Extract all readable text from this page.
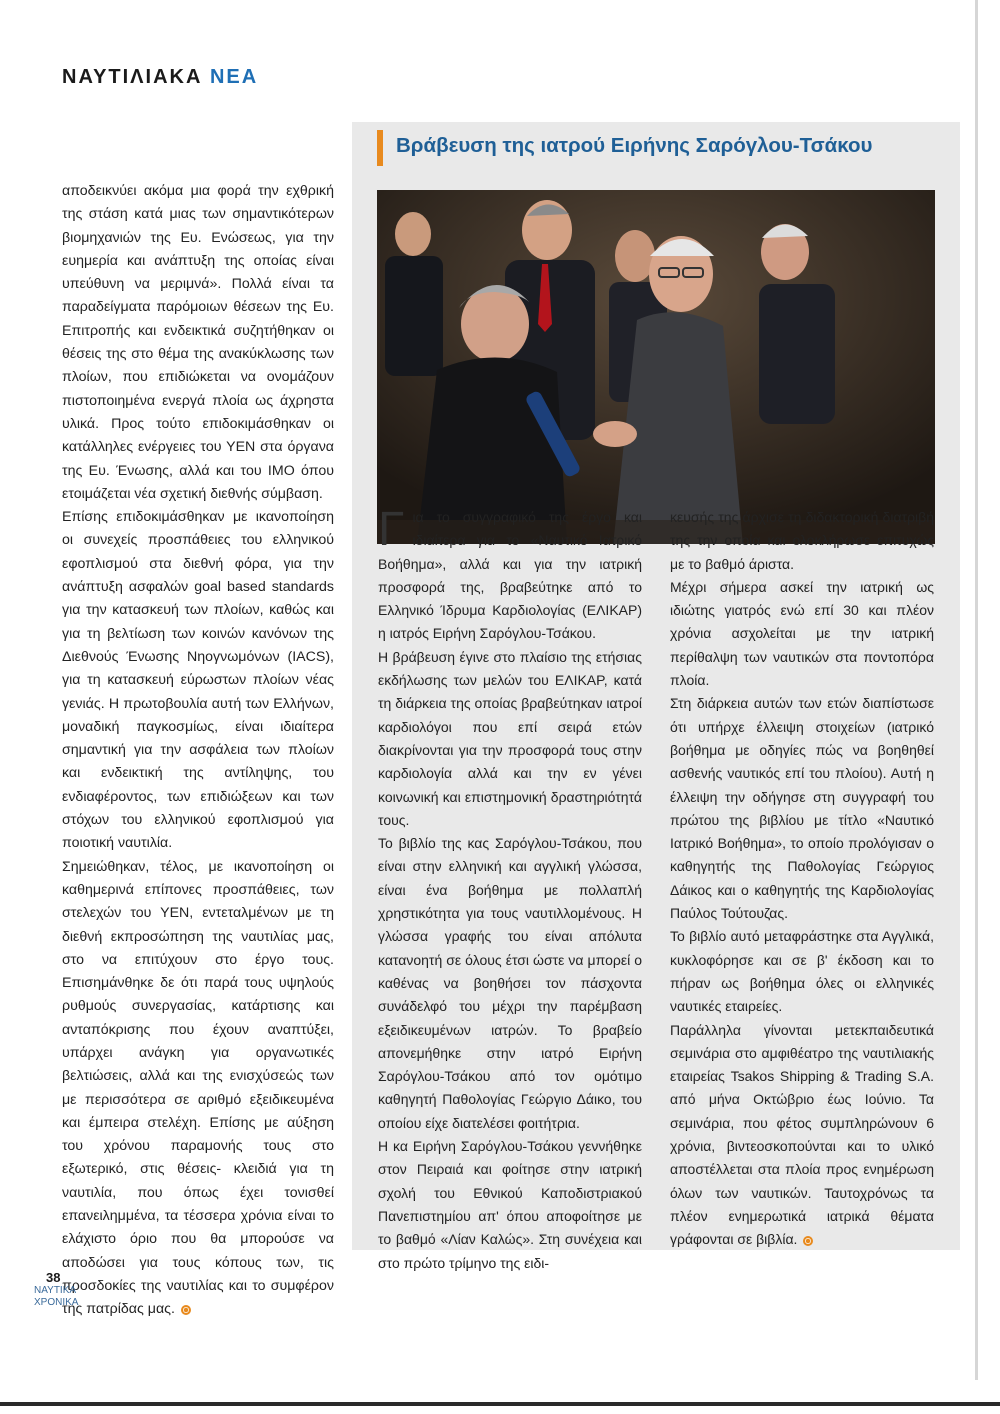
ΝΑΥΤΙΛΙΑΚΑ ΝΕΑ

αποδεικνύει ακόμα μια φορά την εχθρική της στάση κατά μιας των σημαντικότερων βιομηχανιών της Ευ. Ενώσεως, για την ευημερία και ανάπτυξη της οποίας είναι υπεύθυνη να μεριμνά». Πολλά είναι τα παραδείγματα παρόμοιων θέσεων της Ευ. Επιτροπής και ενδεικτικά συζητήθηκαν οι θέσεις της στο θέμα της ανακύκλωσης των πλοίων, που επιδιώκεται να ονομάζουν πιστοποιημένα ενεργά πλοία ως άχρηστα υλικά. Προς τούτο επιδοκιμάσθηκαν οι κατάλληλες ενέργειες του ΥΕΝ στα όργανα της Ευ. Ένωσης, αλλά και του ΙΜΟ όπου ετοιμάζεται νέα σχετική διεθνής σύμβαση.

Επίσης επιδοκιμάσθηκαν με ικανοποίηση οι συνεχείς προσπάθειες του ελληνικού εφοπλισμού στα διεθνή φόρα, για την ανάπτυξη ασφαλών goal based standards για την κατασκευή των πλοίων, καθώς και για τη βελτίωση των κοινών κανόνων της Διεθνούς Ένωσης Νηογνωμόνων (IACS), για τη κατασκευή εύρωστων πλοίων νέας γενιάς. Η πρωτοβουλία αυτή των Ελλήνων, μοναδική παγκοσμίως, είναι ιδιαίτερα σημαντική για την ασφάλεια των πλοίων και ενδεικτική της αντίληψης, του ενδιαφέροντος, των επιδιώξεων και των στόχων του ελληνικού εφοπλισμού για ποιοτική ναυτιλία.

Σημειώθηκαν, τέλος, με ικανοποίηση οι καθημερινά επίπονες προσπάθειες, των στελεχών του ΥΕΝ, εντεταλμένων με τη διεθνή εκπροσώπηση της ναυτιλίας μας, στο να επιτύχουν στο έργο τους. Επισημάνθηκε δε ότι παρά τους υψηλούς ρυθμούς συνεργασίας, κατάρτισης και ανταπόκρισης που έχουν αναπτύξει, υπάρχει ανάγκη για οργανωτικές βελτιώσεις, αλλά και της ενισχύσεώς των με περισσότερα σε αριθμό εξειδικευμένα και έμπειρα στελέχη. Επίσης με αύξηση του χρόνου παραμονής τους στο εξωτερικό, στις θέσεις- κλειδιά για τη ναυτιλία, που όπως έχει τονισθεί επανειλημμένα, τα τέσσερα χρόνια είναι το ελάχιστο όριο που θα μπορούσε να αποδώσει για τους κόπους των, τις προσδοκίες της ναυτιλίας και το συμφέρον της πατρίδας μας.

Βράβευση της ιατρού Ειρήνης Σαρόγλου-Τσάκου

Για το συγγραφικό της έργο και ιδιαίτερα για το «Ναυτικό Ιατρικό Βοήθημα», αλλά και για την ιατρική προσφορά της, βραβεύτηκε από το Ελληνικό Ίδρυμα Καρδιολογίας (ΕΛΙΚΑΡ) η ιατρός Ειρήνη Σαρόγλου-Τσάκου.

Η βράβευση έγινε στο πλαίσιο της ετήσιας εκδήλωσης των μελών του ΕΛΙΚΑΡ, κατά τη διάρκεια της οποίας βραβεύτηκαν ιατροί καρδιολόγοι που επί σειρά ετών διακρίνονται για την προσφορά τους στην καρδιολογία αλλά και την εν γένει κοινωνική και επιστημονική δραστηριότητά τους.

Το βιβλίο της κας Σαρόγλου-Τσάκου, που είναι στην ελληνική και αγγλική γλώσσα, είναι ένα βοήθημα με πολλαπλή χρηστικότητα για τους ναυτιλλομένους. Η γλώσσα γραφής του είναι απόλυτα κατανοητή σε όλους έτσι ώστε να μπορεί ο καθένας να βοηθήσει τον πάσχοντα συνάδελφό του μέχρι την παρέμβαση εξειδικευμένων ιατρών. Το βραβείο απονεμήθηκε στην ιατρό Ειρήνη Σαρόγλου-Τσάκου από τον ομότιμο καθηγητή Παθολογίας Γεώργιο Δάικο, του οποίου είχε διατελέσει φοιτήτρια.

Η κα Ειρήνη Σαρόγλου-Τσάκου γεννήθηκε στον Πειραιά και φοίτησε στην ιατρική σχολή του Εθνικού Καποδιστριακού Πανεπιστημίου απ' όπου αποφοίτησε με το βαθμό «Λίαν Καλώς». Στη συνέχεια και στο πρώτο τρίμηνο της ειδι-

κευσής της άρχισε τη διδακτορική διατριβή της την οποία και ολοκλήρωσε επιτυχώς με το βαθμό άριστα.

Μέχρι σήμερα ασκεί την ιατρική ως ιδιώτης γιατρός ενώ επί 30 και πλέον χρόνια ασχολείται με την ιατρική περίθαλψη των ναυτικών στα ποντοπόρα πλοία.

Στη διάρκεια αυτών των ετών διαπίστωσε ότι υπήρχε έλλειψη στοιχείων (ιατρικό βοήθημα με οδηγίες πώς να βοηθηθεί ασθενής ναυτικός επί του πλοίου). Αυτή η έλλειψη την οδήγησε στη συγγραφή του πρώτου της βιβλίου με τίτλο «Ναυτικό Ιατρικό Βοήθημα», το οποίο προλόγισαν ο καθηγητής της Παθολογίας Γεώργιος Δάικος και ο καθηγητής της Καρδιολογίας Παύλος Τούτουζας.

Το βιβλίο αυτό μεταφράστηκε στα Αγγλικά, κυκλοφόρησε και σε β' έκδοση και το πήραν ως βοήθημα όλες οι ελληνικές ναυτικές εταιρείες.

Παράλληλα γίνονται μετεκπαιδευτικά σεμινάρια στο αμφιθέατρο της ναυτιλιακής εταιρείας Tsakos Shipping & Trading S.A. από μήνα Οκτώβριο έως Ιούνιο. Τα σεμινάρια, που φέτος συμπληρώνουν 6 χρόνια, βιντεοσκοπούνται και το υλικό αποστέλλεται στα πλοία προς ενημέρωση όλων των ναυτικών. Ταυτοχρόνως τα πλέον ενημερωτικά ιατρικά θέματα γράφονται σε βιβλία.

38

ΝΑΥΤΙΚΑ
ΧΡΟΝΙΚΑ
